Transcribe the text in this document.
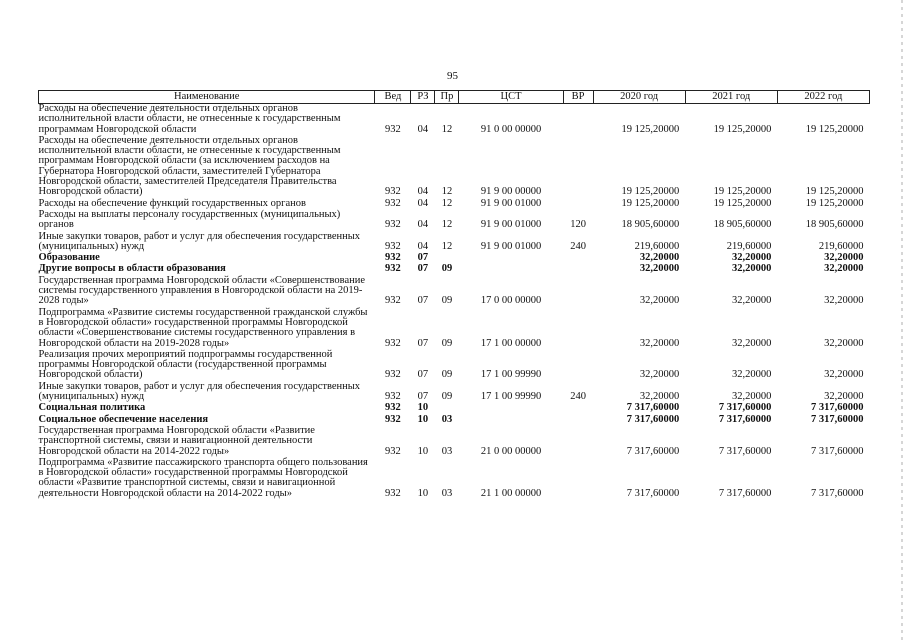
95
Наименование	Вед	РЗ	Пр	ЦСТ	ВР	2020 год	2021 год	2022 год
Расходы на обеспечение деятельности отдельных органов исполнительной власти области, не отнесенные к государственным программам Новгородской области	932	04	12	91 0 00 00000		19 125,20000	19 125,20000	19 125,20000
Расходы на обеспечение деятельности отдельных органов исполнительной власти области, не отнесенные к государственным программам Новгородской области (за исключением расходов на Губернатора Новгородской области, заместителей Губернатора Новгородской области, заместителей Председателя Правительства Новгородской области)	932	04	12	91 9 00 00000		19 125,20000	19 125,20000	19 125,20000
Расходы на обеспечение функций государственных органов	932	04	12	91 9 00 01000		19 125,20000	19 125,20000	19 125,20000
Расходы на выплаты персоналу государственных (муниципальных) органов	932	04	12	91 9 00 01000	120	18 905,60000	18 905,60000	18 905,60000
Иные закупки товаров, работ и услуг для обеспечения государственных (муниципальных) нужд	932	04	12	91 9 00 01000	240	219,60000	219,60000	219,60000
Образование	932	07				32,20000	32,20000	32,20000
Другие вопросы в области образования	932	07	09			32,20000	32,20000	32,20000
Государственная программа Новгородской области «Совершенствование системы государственного управления в Новгородской области на 2019-2028 годы»	932	07	09	17 0 00 00000		32,20000	32,20000	32,20000
Подпрограмма «Развитие системы государственной гражданской службы в Новгородской области» государственной программы Новгородской области «Совершенствование системы государственного управления в Новгородской области на 2019-2028 годы»	932	07	09	17 1 00 00000		32,20000	32,20000	32,20000
Реализация прочих мероприятий подпрограммы государственной программы Новгородской области (государственной программы Новгородской области)	932	07	09	17 1 00 99990		32,20000	32,20000	32,20000
Иные закупки товаров, работ и услуг для обеспечения государственных (муниципальных) нужд	932	07	09	17 1 00 99990	240	32,20000	32,20000	32,20000
Социальная политика	932	10				7 317,60000	7 317,60000	7 317,60000
Социальное обеспечение населения	932	10	03			7 317,60000	7 317,60000	7 317,60000
Государственная программа Новгородской области «Развитие транспортной системы, связи и навигационной деятельности Новгородской области на 2014-2022 годы»	932	10	03	21 0 00 00000		7 317,60000	7 317,60000	7 317,60000
Подпрограмма «Развитие пассажирского транспорта общего пользования в Новгородской области» государственной программы Новгородской области «Развитие транспортной системы, связи и навигационной деятельности Новгородской области на 2014-2022 годы»	932	10	03	21 1 00 00000		7 317,60000	7 317,60000	7 317,60000
